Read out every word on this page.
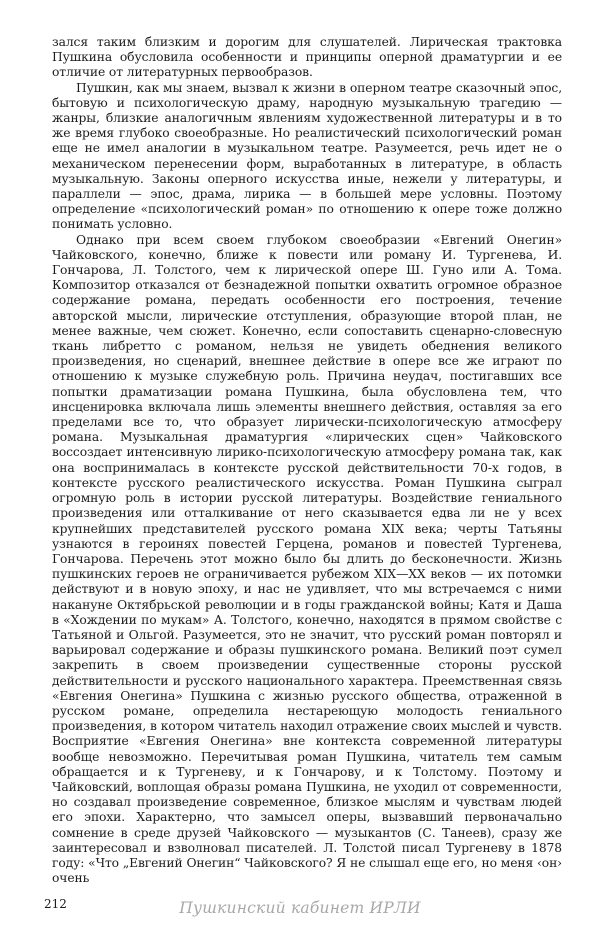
зался таким близким и дорогим для слушателей. Лирическая трактовка Пушкина обусловила особенности и принципы оперной драматургии и ее отличие от литературных первообразов.

Пушкин, как мы знаем, вызвал к жизни в оперном театре сказочный эпос, бытовую и психологическую драму, народную музыкальную трагедию — жанры, близкие аналогичным явлениям художественной литературы и в то же время глубоко своеобразные. Но реалистический психологический роман еще не имел аналогии в музыкальном театре. Разумеется, речь идет не о механическом перенесении форм, выработанных в литературе, в область музыкальную. Законы оперного искусства иные, нежели у литературы, и параллели — эпос, драма, лирика — в большей мере условны. Поэтому определение «психологический роман» по отношению к опере тоже должно понимать условно.

Однако при всем своем глубоком своеобразии «Евгений Онегин» Чайковского, конечно, ближе к повести или роману И. Тургенева, И. Гончарова, Л. Толстого, чем к лирической опере Ш. Гуно или А. Тома. Композитор отказался от безнадежной попытки охватить огромное образное содержание романа, передать особенности его построения, течение авторской мысли, лирические отступления, образующие второй план, не менее важные, чем сюжет. Конечно, если сопоставить сценарно-словесную ткань либретто с романом, нельзя не увидеть обеднения великого произведения, но сценарий, внешнее действие в опере все же играют по отношению к музыке служебную роль. Причина неудач, постигавших все попытки драматизации романа Пушкина, была обусловлена тем, что инсценировка включала лишь элементы внешнего действия, оставляя за его пределами все то, что образует лирически-психологическую атмосферу романа. Музыкальная драматургия «лирических сцен» Чайковского воссоздает интенсивную лирико-психологическую атмосферу романа так, как она воспринималась в контексте русской действительности 70-х годов, в контексте русского реалистического искусства. Роман Пушкина сыграл огромную роль в истории русской литературы. Воздействие гениального произведения или отталкивание от него сказывается едва ли не у всех крупнейших представителей русского романа XIX века; черты Татьяны узнаются в героинях повестей Герцена, романов и повестей Тургенева, Гончарова. Перечень этот можно было бы длить до бесконечности. Жизнь пушкинских героев не ограничивается рубежом XIX—XX веков — их потомки действуют и в новую эпоху, и нас не удивляет, что мы встречаемся с ними накануне Октябрьской революции и в годы гражданской войны; Катя и Даша в «Хождении по мукам» А. Толстого, конечно, находятся в прямом свойстве с Татьяной и Ольгой. Разумеется, это не значит, что русский роман повторял и варьировал содержание и образы пушкинского романа. Великий поэт сумел закрепить в своем произведении существенные стороны русской действительности и русского национального характера. Преемственная связь «Евгения Онегина» Пушкина с жизнью русского общества, отраженной в русском романе, определила нестареющую молодость гениального произведения, в котором читатель находил отражение своих мыслей и чувств. Восприятие «Евгения Онегина» вне контекста современной литературы вообще невозможно. Перечитывая роман Пушкина, читатель тем самым обращается и к Тургеневу, и к Гончарову, и к Толстому. Поэтому и Чайковский, воплощая образы романа Пушкина, не уходил от современности, но создавал произведение современное, близкое мыслям и чувствам людей его эпохи. Характерно, что замысел оперы, вызвавший первоначально сомнение в среде друзей Чайковского — музыкантов (С. Танеев), сразу же заинтересовал и взволновал писателей. Л. Толстой писал Тургеневу в 1878 году: «Что „Евгений Онегин“ Чайковского? Я не слышал еще его, но меня ‹он› очень

212	Пушкинский кабинет ИРЛИ
